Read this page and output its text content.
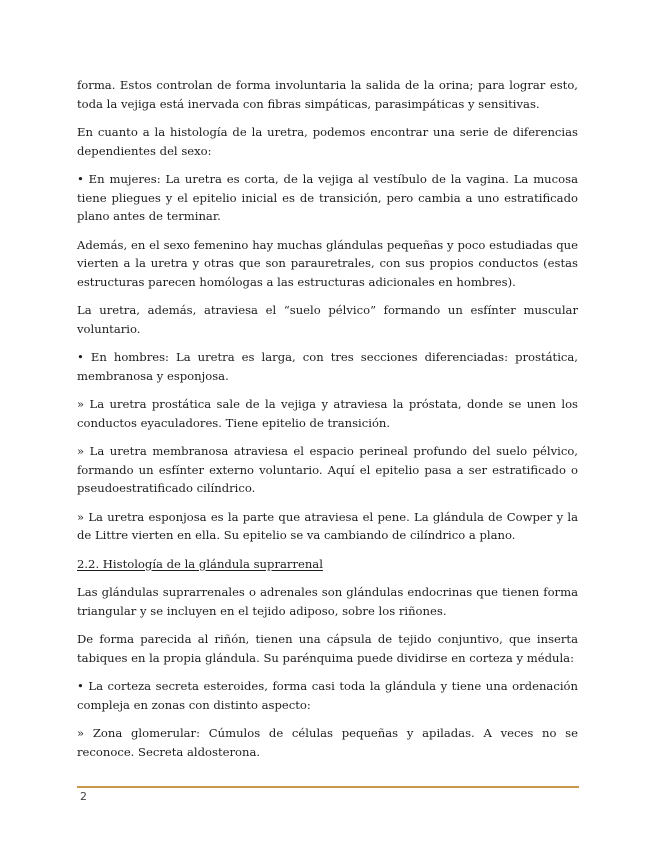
forma. Estos controlan de forma involuntaria la salida de la orina; para lograr esto, toda la vejiga está inervada con fibras simpáticas, parasimpáticas y sensitivas.

En cuanto a la histología de la uretra, podemos encontrar una serie de diferencias dependientes del sexo:

• En mujeres: La uretra es corta, de la vejiga al vestíbulo de la vagina. La mucosa tiene pliegues y el epitelio inicial es de transición, pero cambia a uno estratificado plano antes de terminar.

Además, en el sexo femenino hay muchas glándulas pequeñas y poco estudiadas que vierten a la uretra y otras que son parauretrales, con sus propios conductos (estas estructuras parecen homólogas a las estructuras adicionales en hombres).

La uretra, además, atraviesa el “suelo pélvico” formando un esfínter muscular voluntario.

• En hombres: La uretra es larga, con tres secciones diferenciadas: prostática, membranosa y esponjosa.

» La uretra prostática sale de la vejiga y atraviesa la próstata, donde se unen los conductos eyaculadores. Tiene epitelio de transición.

» La uretra membranosa atraviesa el espacio perineal profundo del suelo pélvico, formando un esfínter externo voluntario. Aquí el epitelio pasa a ser estratificado o pseudoestratificado cilíndrico.

» La uretra esponjosa es la parte que atraviesa el pene. La glándula de Cowper y la de Littre vierten en ella. Su epitelio se va cambiando de cilíndrico a plano.

2.2. Histología de la glándula suprarrenal

Las glándulas suprarrenales o adrenales son glándulas endocrinas que tienen forma triangular y se incluyen en el tejido adiposo, sobre los riñones.

De forma parecida al riñón, tienen una cápsula de tejido conjuntivo, que inserta tabiques en la propia glándula. Su parénquima puede dividirse en corteza y médula:

• La corteza secreta esteroides, forma casi toda la glándula y tiene una ordenación compleja en zonas con distinto aspecto:

» Zona glomerular: Cúmulos de células pequeñas y apiladas. A veces no se reconoce. Secreta aldosterona.

2
